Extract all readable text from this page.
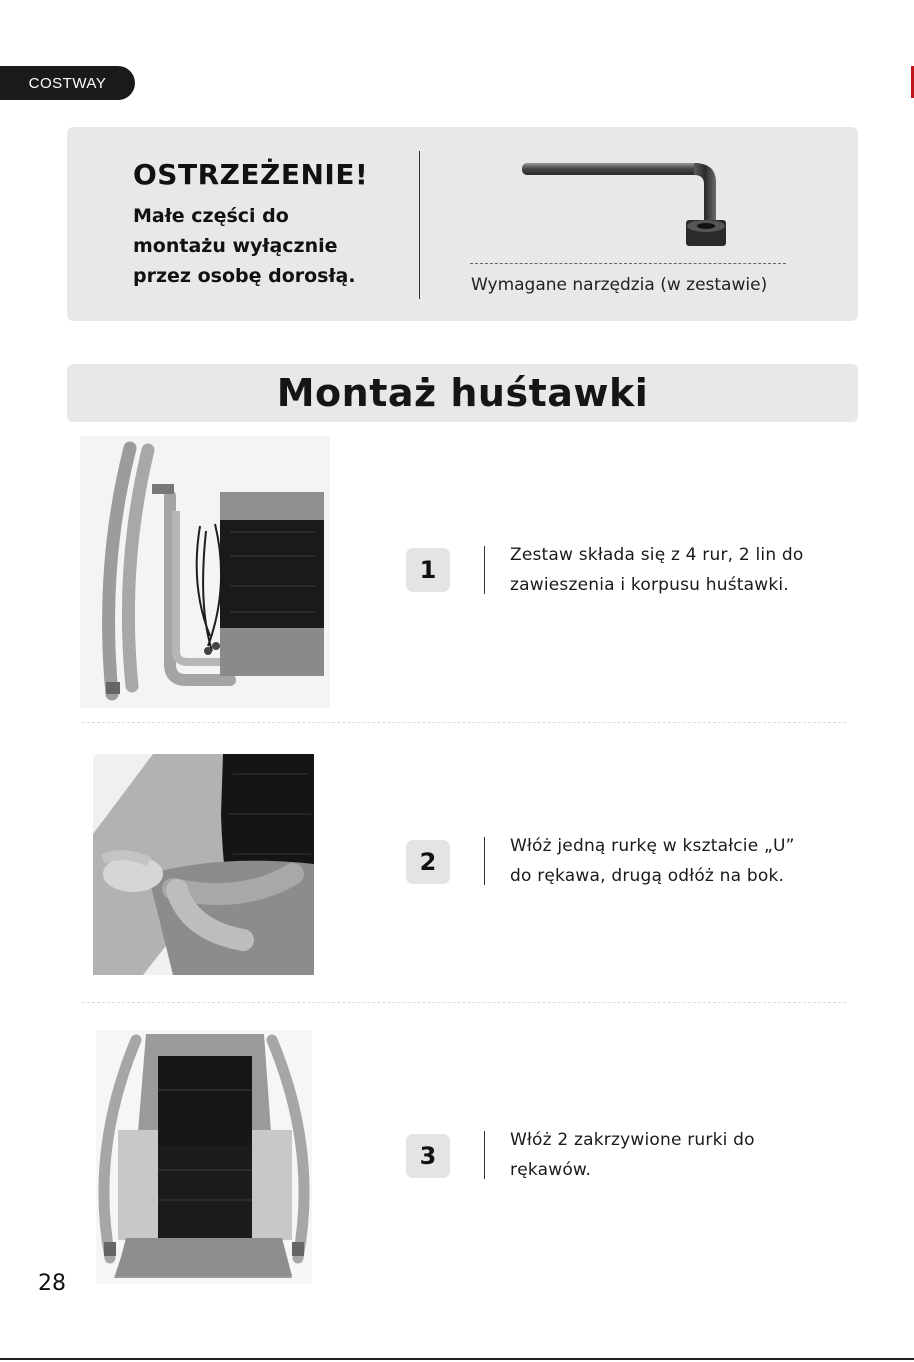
COSTWAY
OSTRZEŻENIE!
Małe części do
montażu wyłącznie
przez osobę dorosłą.	Wymagane narzędzia (w zestawie)
Montaż huśtawki
1
Zestaw składa się z 4 rur, 2 lin do
zawieszenia i korpusu huśtawki.
2
Włóż jedną rurkę w kształcie „U”
do rękawa, drugą odłóż na bok.
3
Włóż 2 zakrzywione rurki do
rękawów.
28
